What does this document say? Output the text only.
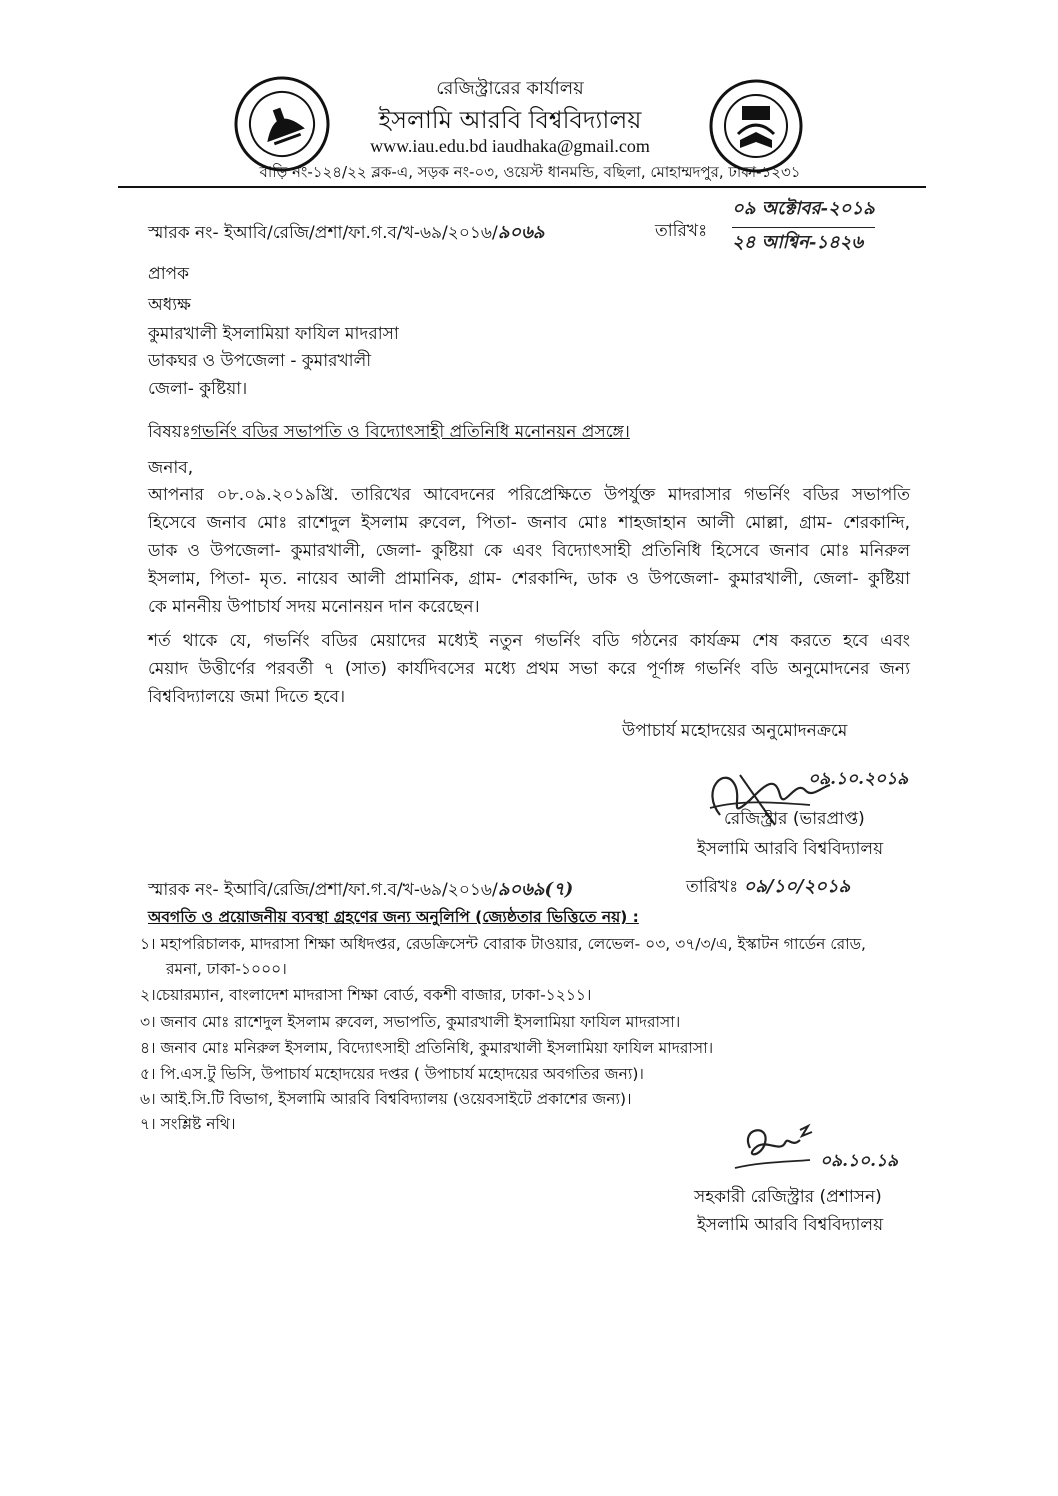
রেজিস্ট্রারের কার্যালয়
ইসলামি আরবি বিশ্ববিদ্যালয়
www.iau.edu.bd iaudhaka@gmail.com
বাড়ি নং-১২৪/২২ ব্লক-এ, সড়ক নং-০৩, ওয়েস্ট ধানমন্ডি, বছিলা, মোহাম্মদপুর, ঢাকা-১২৩১
স্মারক নং- ইআবি/রেজি/প্রশা/ফা.গ.ব/খ-৬৯/২০১৬/৯০৬৯	তারিখঃ
০৯ অক্টোবর-২০১৯
২৪ আশ্বিন-১৪২৬
প্রাপক
অধ্যক্ষ
কুমারখালী ইসলামিয়া ফাযিল মাদরাসা
ডাকঘর ও উপজেলা - কুমারখালী
জেলা- কুষ্টিয়া।
বিষয়ঃগভর্নিং বডির সভাপতি ও বিদ্যোৎসাহী প্রতিনিধি মনোনয়ন প্রসঙ্গে।
জনাব,
আপনার ০৮.০৯.২০১৯খ্রি. তারিখের আবেদনের পরিপ্রেক্ষিতে উপর্যুক্ত মাদরাসার গভর্নিং বডির সভাপতি
হিসেবে জনাব মোঃ রাশেদুল ইসলাম রুবেল, পিতা- জনাব মোঃ শাহজাহান আলী মোল্লা, গ্রাম- শেরকান্দি,
ডাক ও উপজেলা- কুমারখালী, জেলা- কুষ্টিয়া কে এবং বিদ্যোৎসাহী প্রতিনিধি হিসেবে জনাব মোঃ মনিরুল
ইসলাম, পিতা- মৃত. নায়েব আলী প্রামানিক, গ্রাম- শেরকান্দি, ডাক ও উপজেলা- কুমারখালী, জেলা- কুষ্টিয়া
কে মাননীয় উপাচার্য সদয় মনোনয়ন দান করেছেন।
শর্ত থাকে যে, গভর্নিং বডির মেয়াদের মধ্যেই নতুন গভর্নিং বডি গঠনের কার্যক্রম শেষ করতে হবে এবং
মেয়াদ উত্তীর্ণের পরবর্তী ৭ (সাত) কার্যদিবসের মধ্যে প্রথম সভা করে পূর্ণাঙ্গ গভর্নিং বডি অনুমোদনের জন্য
বিশ্ববিদ্যালয়ে জমা দিতে হবে।
উপাচার্য মহোদয়ের অনুমোদনক্রমে
০৯.১০.২০১৯
রেজিস্ট্রার (ভারপ্রাপ্ত)
ইসলামি আরবি বিশ্ববিদ্যালয়
স্মারক নং- ইআবি/রেজি/প্রশা/ফা.গ.ব/খ-৬৯/২০১৬/৯০৬৯(৭)	তারিখঃ ০৯/১০/২০১৯
অবগতি ও প্রয়োজনীয় ব্যবস্থা গ্রহণের জন্য অনুলিপি (জ্যেষ্ঠতার ভিত্তিতে নয়) :
১। মহাপরিচালক, মাদরাসা শিক্ষা অধিদপ্তর, রেডক্রিসেন্ট বোরাক টাওয়ার, লেভেল- ০৩, ৩৭/৩/এ, ইস্কাটন গার্ডেন রোড,
রমনা, ঢাকা-১০০০।
২।চেয়ারম্যান, বাংলাদেশ মাদরাসা শিক্ষা বোর্ড, বকশী বাজার, ঢাকা-১২১১।
৩। জনাব মোঃ রাশেদুল ইসলাম রুবেল, সভাপতি, কুমারখালী ইসলামিয়া ফাযিল মাদরাসা।
৪। জনাব মোঃ মনিরুল ইসলাম, বিদ্যোৎসাহী প্রতিনিধি, কুমারখালী ইসলামিয়া ফাযিল মাদরাসা।
৫। পি.এস.টু ভিসি, উপাচার্য মহোদয়ের দপ্তর ( উপাচার্য মহোদয়ের অবগতির জন্য)।
৬। আই.সি.টি বিভাগ, ইসলামি আরবি বিশ্ববিদ্যালয় (ওয়েবসাইটে প্রকাশের জন্য)।
৭। সংশ্লিষ্ট নথি।
০৯.১০.১৯
সহকারী রেজিস্ট্রার (প্রশাসন)
ইসলামি আরবি বিশ্ববিদ্যালয়
